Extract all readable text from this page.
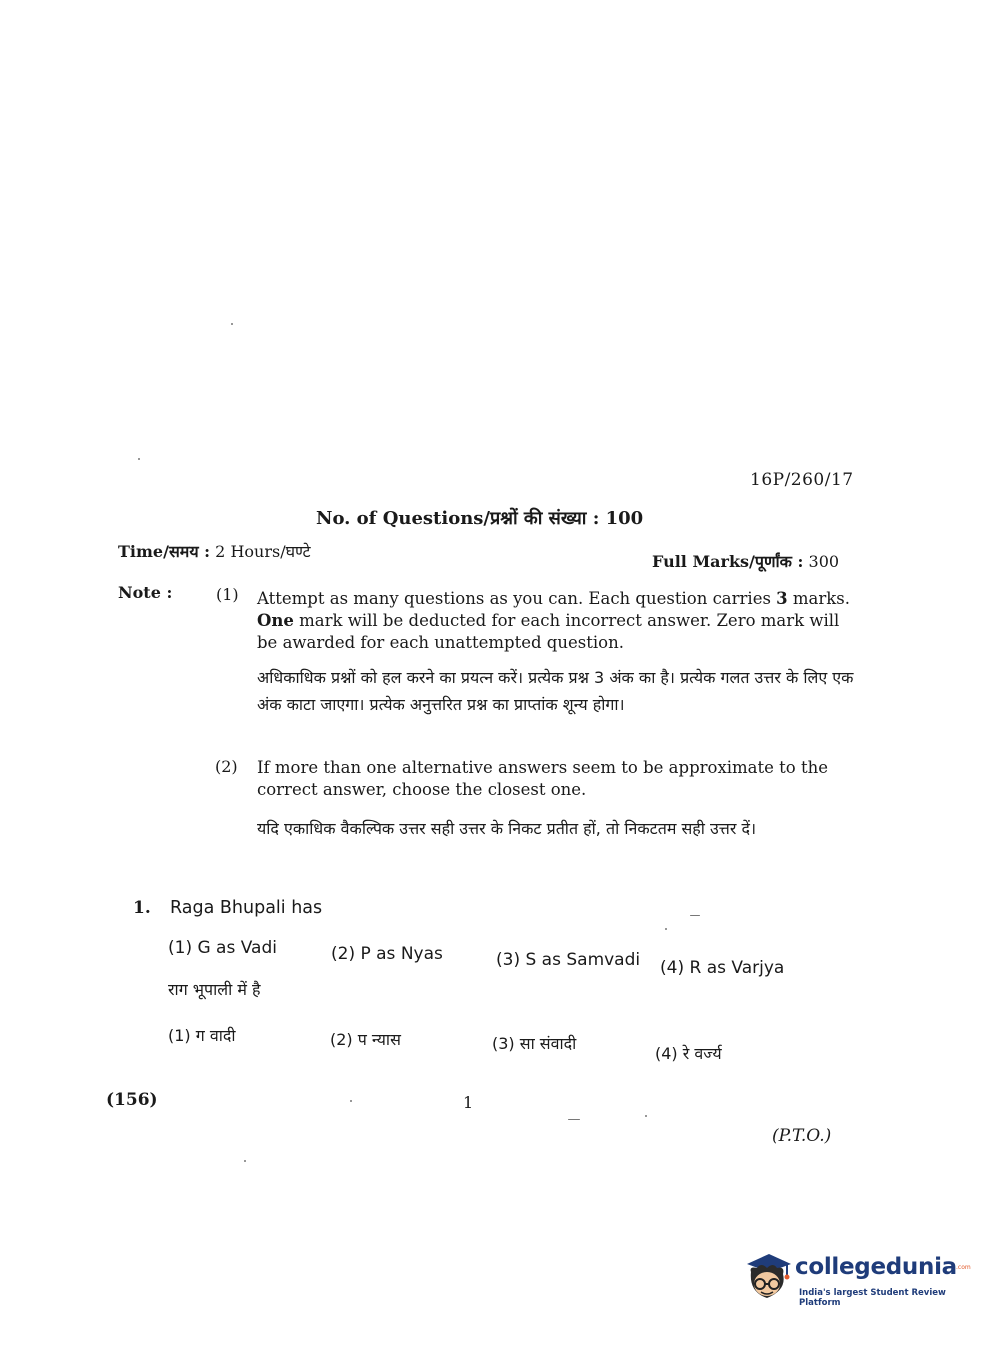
16P/260/17
No. of Questions/प्रश्नों की संख्या : 100
Time/समय : 2 Hours/घण्टे
Full Marks/पूर्णांक : 300
Note :	(1) Attempt as many questions as you can. Each question carries 3 marks. One mark will be deducted for each incorrect answer. Zero mark will be awarded for each unattempted question.
अधिकाधिक प्रश्नों को हल करने का प्रयत्न करें। प्रत्येक प्रश्न 3 अंक का है। प्रत्येक गलत उत्तर के लिए एक अंक काटा जाएगा। प्रत्येक अनुत्तरित प्रश्न का प्राप्तांक शून्य होगा।
(2) If more than one alternative answers seem to be approximate to the correct answer, choose the closest one.
यदि एकाधिक वैकल्पिक उत्तर सही उत्तर के निकट प्रतीत हों, तो निकटतम सही उत्तर दें।
1. Raga Bhupali has
(1) G as Vadi	(2) P as Nyas	(3) S as Samvadi (4) R as Varjya
राग भूपाली में है
(1) ग वादी	(2) प न्यास	(3) सा संवादी
(4) रे वर्ज्य
(156)	1
(P.T.O.)
collegedunia .com
India's largest Student Review Platform
